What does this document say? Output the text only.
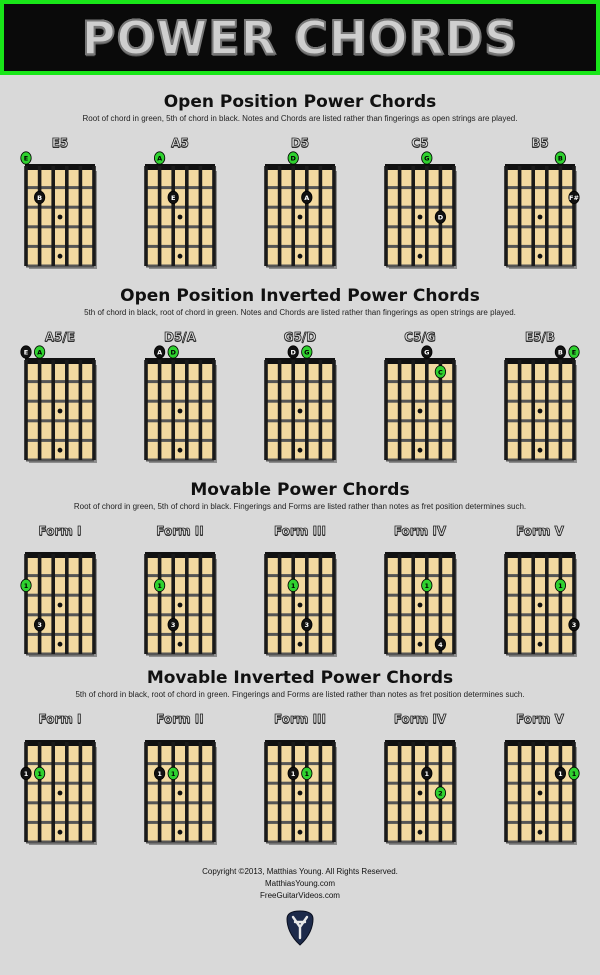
POWER CHORDS
Open Position Power Chords
Root of chord in green, 5th of chord in black. Notes and Chords are listed rather than fingerings as open strings are played.
E
B
E5
A
E
A5
D
A
D5
G
D
C5
B
F#
B5
Open Position Inverted Power Chords
5th of chord in black, root of chord in green. Notes and Chords are listed rather than fingerings as open strings are played.
E A
A5/E
A D
D5/A
D G
G5/D
G
C
C5/G
B E
E5/B
Movable Power Chords
Root of chord in green, 5th of chord in black. Fingerings and Forms are listed rather than notes as fret position determines such.
1
3
Form I
1
3
Form II
1
3
Form III
1
4
Form IV
1
3
Form V
Movable Inverted Power Chords
5th of chord in black, root of chord in green. Fingerings and Forms are listed rather than notes as fret position determines such.
1 1
Form I
1 1
Form II
1 1
Form III
1
2
Form IV
1 1
Form V
Copyright ©2013, Matthias Young. All Rights Reserved.
MatthiasYoung.com
FreeGuitarVideos.com
